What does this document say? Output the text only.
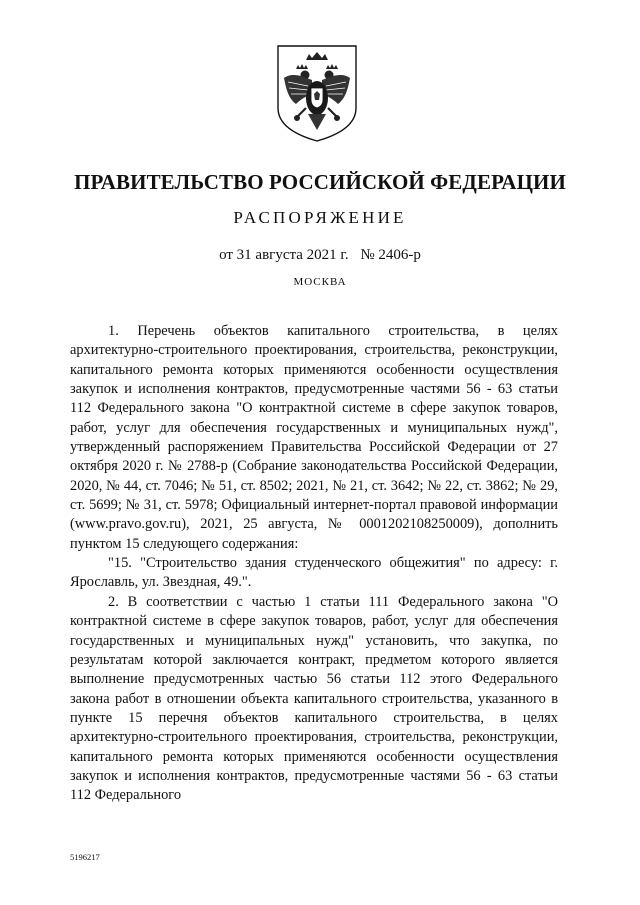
ПРАВИТЕЛЬСТВО РОССИЙСКОЙ ФЕДЕРАЦИИ
РАСПОРЯЖЕНИЕ
от 31 августа 2021 г. № 2406-р
МОСКВА

1. Перечень объектов капитального строительства, в целях архитектурно-строительного проектирования, строительства, реконструкции, капитального ремонта которых применяются особенности осуществления закупок и исполнения контрактов, предусмотренные частями 56 - 63 статьи 112 Федерального закона "О контрактной системе в сфере закупок товаров, работ, услуг для обеспечения государственных и муниципальных нужд", утвержденный распоряжением Правительства Российской Федерации от 27 октября 2020 г. № 2788-р (Собрание законодательства Российской Федерации, 2020, № 44, ст. 7046; № 51, ст. 8502; 2021, № 21, ст. 3642; № 22, ст. 3862; № 29, ст. 5699; № 31, ст. 5978; Официальный интернет-портал правовой информации (www.pravo.gov.ru), 2021, 25 августа, № 0001202108250009), дополнить пунктом 15 следующего содержания:

"15. "Строительство здания студенческого общежития" по адресу: г. Ярославль, ул. Звездная, 49.".

2. В соответствии с частью 1 статьи 111 Федерального закона "О контрактной системе в сфере закупок товаров, работ, услуг для обеспечения государственных и муниципальных нужд" установить, что закупка, по результатам которой заключается контракт, предметом которого является выполнение предусмотренных частью 56 статьи 112 этого Федерального закона работ в отношении объекта капитального строительства, указанного в пункте 15 перечня объектов капитального строительства, в целях архитектурно-строительного проектирования, строительства, реконструкции, капитального ремонта которых применяются особенности осуществления закупок и исполнения контрактов, предусмотренные частями 56 - 63 статьи 112 Федерального

5196217
